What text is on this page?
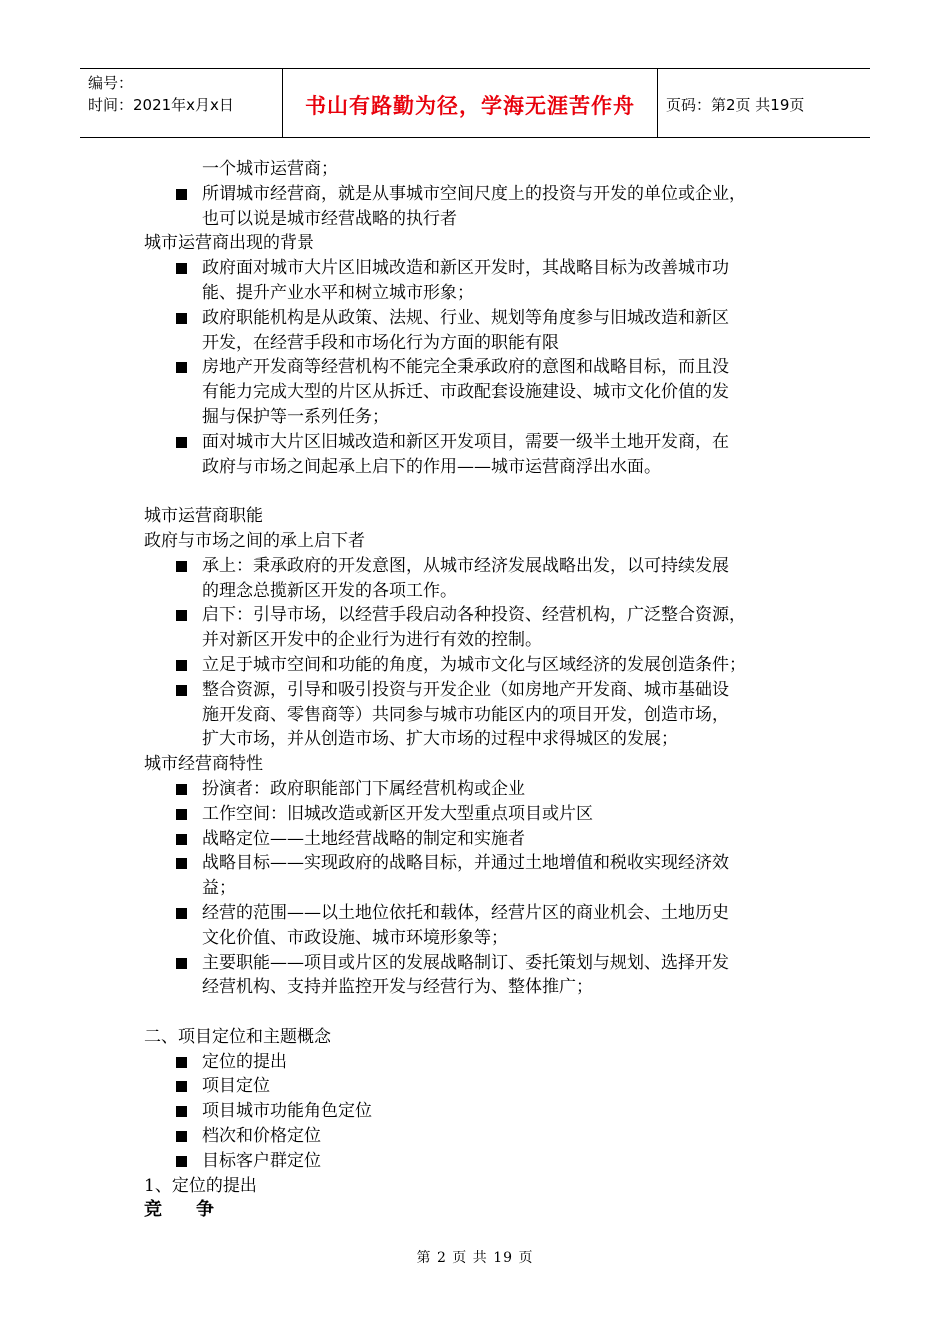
编号：
时间：2021年x月x日	书山有路勤为径，学海无涯苦作舟	页码：第2页 共19页
一个城市运营商；
所谓城市经营商，就是从事城市空间尺度上的投资与开发的单位或企业，
也可以说是城市经营战略的执行者
城市运营商出现的背景
政府面对城市大片区旧城改造和新区开发时，其战略目标为改善城市功
能、提升产业水平和树立城市形象；
政府职能机构是从政策、法规、行业、规划等角度参与旧城改造和新区
开发，在经营手段和市场化行为方面的职能有限
房地产开发商等经营机构不能完全秉承政府的意图和战略目标，而且没
有能力完成大型的片区从拆迁、市政配套设施建设、城市文化价值的发
掘与保护等一系列任务；
面对城市大片区旧城改造和新区开发项目，需要一级半土地开发商，在
政府与市场之间起承上启下的作用——城市运营商浮出水面。
城市运营商职能
政府与市场之间的承上启下者
承上：秉承政府的开发意图，从城市经济发展战略出发，以可持续发展
的理念总揽新区开发的各项工作。
启下：引导市场，以经营手段启动各种投资、经营机构，广泛整合资源，
并对新区开发中的企业行为进行有效的控制。
立足于城市空间和功能的角度，为城市文化与区域经济的发展创造条件；
整合资源，引导和吸引投资与开发企业（如房地产开发商、城市基础设
施开发商、零售商等）共同参与城市功能区内的项目开发，创造市场，
扩大市场，并从创造市场、扩大市场的过程中求得城区的发展；
城市经营商特性
扮演者：政府职能部门下属经营机构或企业
工作空间：旧城改造或新区开发大型重点项目或片区
战略定位——土地经营战略的制定和实施者
战略目标——实现政府的战略目标，并通过土地增值和税收实现经济效
益；
经营的范围——以土地位依托和载体，经营片区的商业机会、土地历史
文化价值、市政设施、城市环境形象等；
主要职能——项目或片区的发展战略制订、委托策划与规划、选择开发
经营机构、支持并监控开发与经营行为、整体推广；
二、项目定位和主题概念
定位的提出
项目定位
项目城市功能角色定位
档次和价格定位
目标客户群定位
1、定位的提出
竞 争
第 2 页 共 19 页
